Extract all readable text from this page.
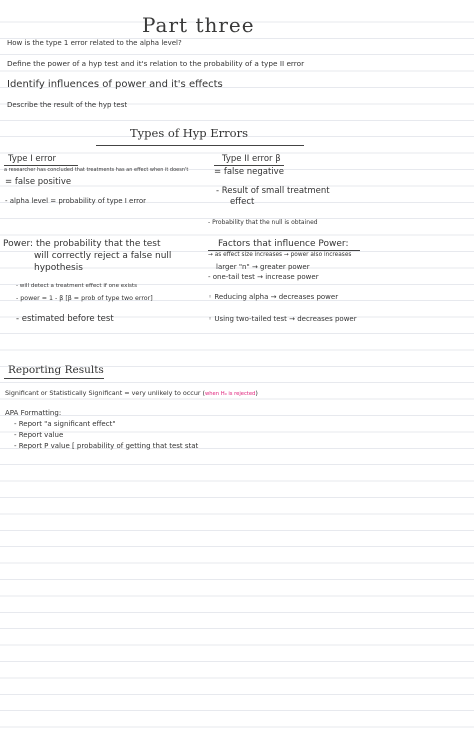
Part three
How is the type 1 error related to the alpha level?
Define the power of a hyp test and it's relation to the probability of a type II error
Identify influences of power and it's effects
Describe the result of the hyp test
Types of Hyp Errors
Type I error
a researcher has concluded that treatments has an effect when it doesn't
= false positive
- alpha level = probability of type I error
Type II error β
= false negative
- Result of small treatment
effect
- Probability that the null is obtained
Power: the probability that the test
will correctly reject a false null
hypothesis
- will detect a treatment effect if one exists
- power = 1 - β [β = prob of type two error]
- estimated before test
Factors that influence Power:
→ as effect size increases → power also increases
larger "n" → greater power
- one-tail test → increase power
◦ Reducing alpha → decreases power
◦ Using two-tailed test → decreases power
Reporting Results
Significant or Statistically Significant = very unlikely to occur (when H₀ is rejected)
APA Formatting:
- Report "a significant effect"
- Report value
- Report P value [ probability of getting that test stat
